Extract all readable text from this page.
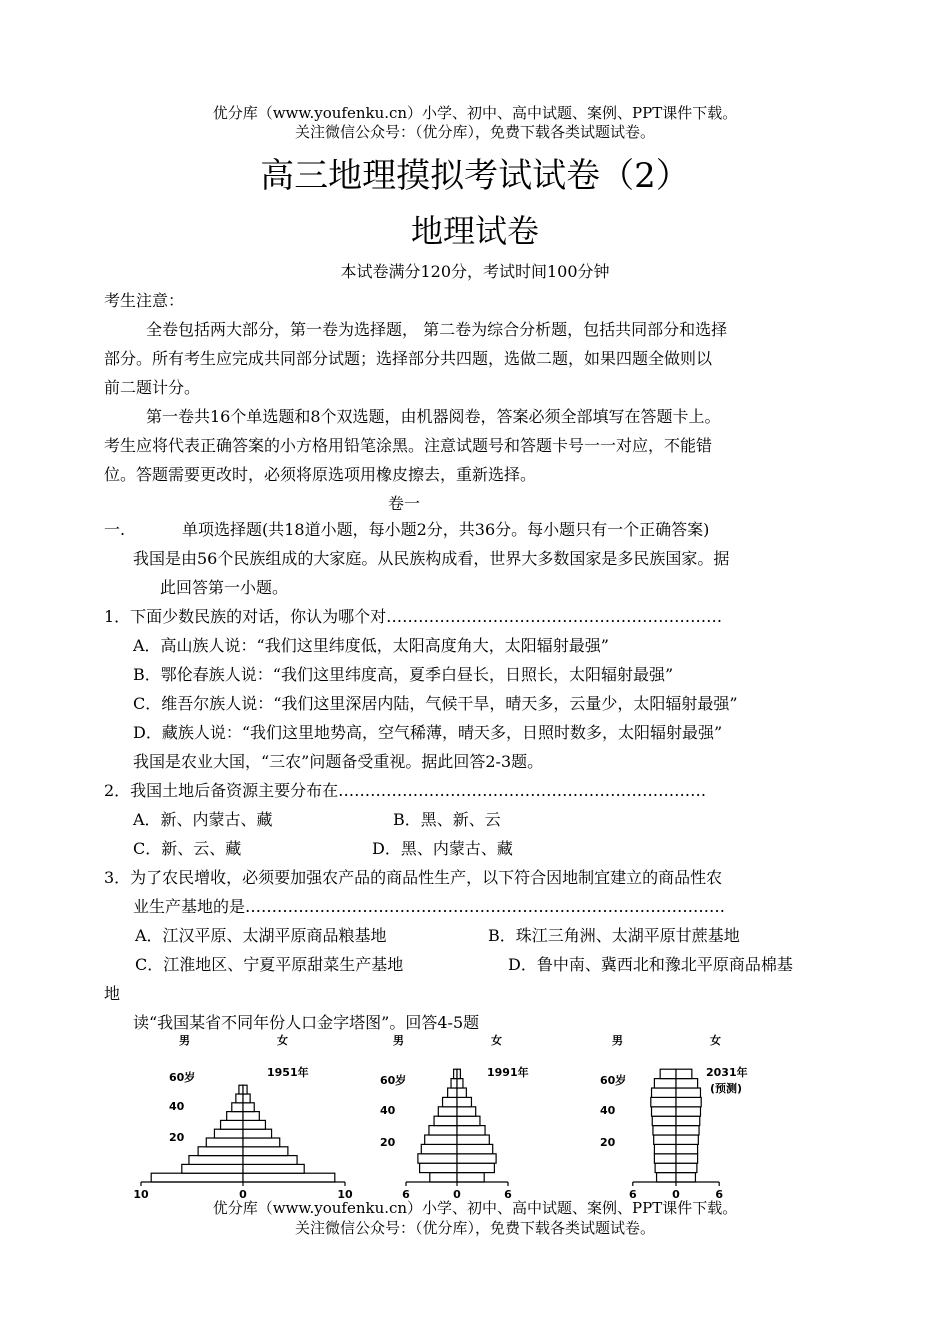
优分库（www.youfenku.cn）小学、初中、高中试题、案例、PPT课件下载。
关注微信公众号：（优分库），免费下载各类试题试卷。
高三地理摸拟考试试卷（2）
地理试卷
本试卷满分120分，考试时间100分钟
考生注意：
全卷包括两大部分，第一卷为选择题， 第二卷为综合分析题，包括共同部分和选择
部分。所有考生应完成共同部分试题；选择部分共四题，选做二题，如果四题全做则以
前二题计分。
第一卷共16个单选题和8个双选题，由机器阅卷，答案必须全部填写在答题卡上。
考生应将代表正确答案的小方格用铅笔涂黑。注意试题号和答题卡号一一对应，不能错
位。答题需要更改时，必须将原选项用橡皮擦去，重新选择。
卷一
一.	单项选择题(共18道小题，每小题2分，共36分。每小题只有一个正确答案)
我国是由56个民族组成的大家庭。从民族构成看，世界大多数国家是多民族国家。据
此回答第一小题。
1．下面少数民族的对话，你认为哪个对………………………………………………………
A．高山族人说：“我们这里纬度低，太阳高度角大，太阳辐射最强”
B．鄂伦春族人说：“我们这里纬度高，夏季白昼长，日照长，太阳辐射最强”
C．维吾尔族人说：“我们这里深居内陆，气候干旱，晴天多，云量少，太阳辐射最强”
D．藏族人说：“我们这里地势高，空气稀薄，晴天多，日照时数多，太阳辐射最强”
我国是农业大国，“三农”问题备受重视。据此回答2-3题。
2．我国土地后备资源主要分布在……………………………………………………………
A．新、内蒙古、藏	B．黑、新、云
C．新、云、藏	D．黑、内蒙古、藏
3．为了农民增收，必须要加强农产品的商品性生产，以下符合因地制宜建立的商品性农
业生产基地的是………………………………………………………………………………
A．江汉平原、太湖平原商品粮基地	B．珠江三角洲、太湖平原甘蔗基地
C．江淮地区、宁夏平原甜菜生产基地	D．鲁中南、冀西北和豫北平原商品棉基
地
读“我国某省不同年份人口金字塔图”。回答4-5题
男	女
10	0	10
60岁
40
20
1951年
男	女
6	0	6
60岁
40
20
1991年
男	女
6	0	6
60岁
40
20
2031年
(预测)
优分库（www.youfenku.cn）小学、初中、高中试题、案例、PPT课件下载。
关注微信公众号：（优分库），免费下载各类试题试卷。
